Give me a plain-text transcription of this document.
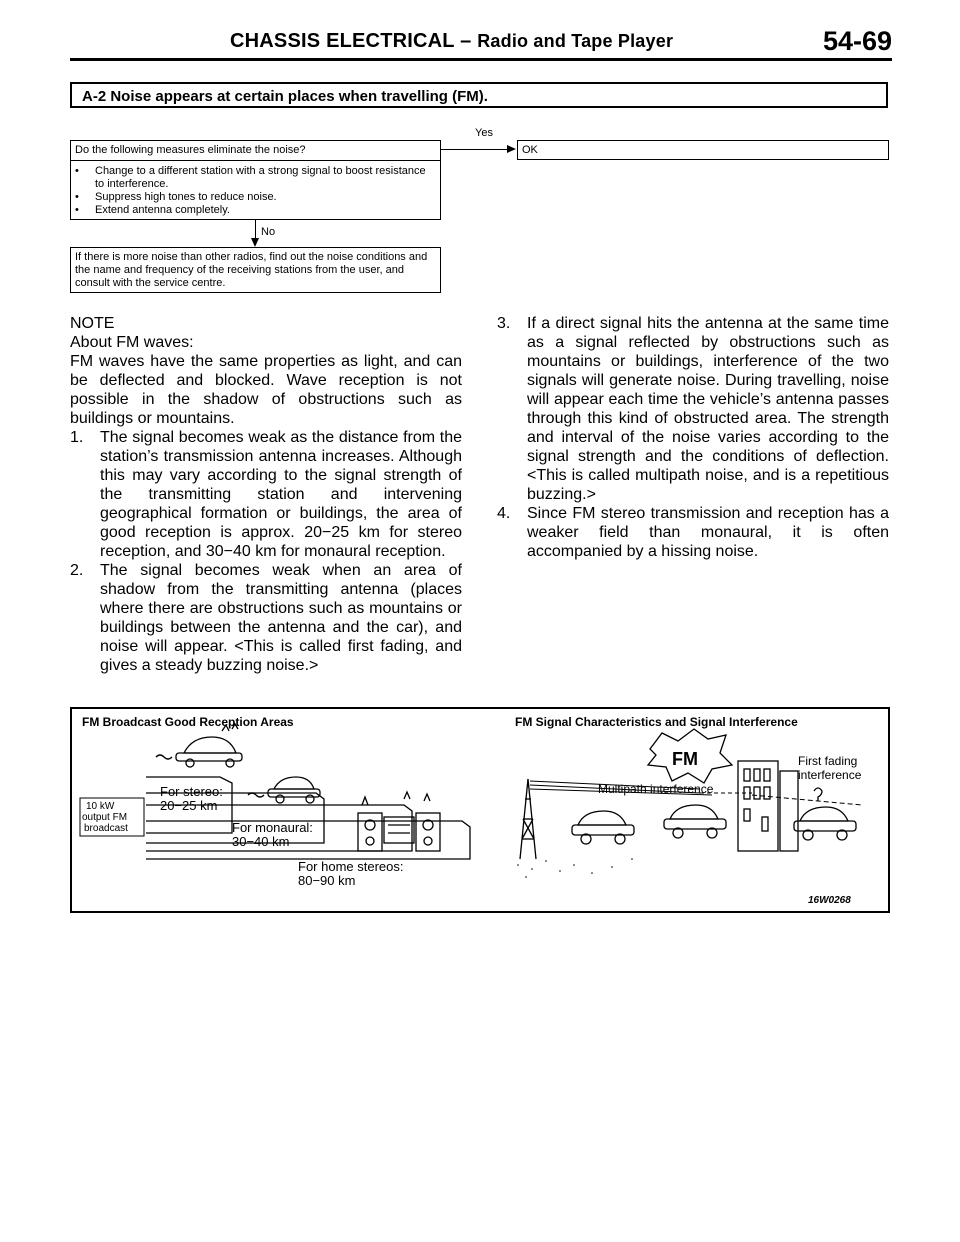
CHASSIS ELECTRICAL – Radio and Tape Player	54-69
A-2 Noise appears at certain places when travelling (FM).
Yes
Do the following measures eliminate the noise?
• Change to a different station with a strong signal to boost resistance to interference.
• Suppress high tones to reduce noise.
• Extend antenna completely.
OK
No
If there is more noise than other radios, find out the noise conditions and the name and frequency of the receiving stations from the user, and consult with the service centre.

NOTE

About FM waves:

FM waves have the same properties as light, and can be deflected and blocked. Wave reception is not possible in the shadow of obstructions such as buildings or mountains.

1. The signal becomes weak as the distance from the station’s transmission antenna increases. Although this may vary according to the signal strength of the transmitting station and intervening geographical formation or buildings, the area of good reception is approx. 20−25 km for stereo reception, and 30−40 km for monaural reception.
2. The signal becomes weak when an area of shadow from the transmitting antenna (places where there are obstructions such as mountains or buildings between the antenna and the car), and noise will appear. <This is called first fading, and gives a steady buzzing noise.>
3. If a direct signal hits the antenna at the same time as a signal reflected by obstructions such as mountains or buildings, interference of the two signals will generate noise. During travelling, noise will appear each time the vehicle’s antenna passes through this kind of obstructed area. The strength and interval of the noise varies according to the signal strength and the conditions of deflection. <This is called multipath noise, and is a repetitious buzzing.>
4. Since FM stereo transmission and reception has a weaker field than monaural, it is often accompanied by a hissing noise.
FM Broadcast Good Reception Areas	FM Signal Characteristics and Signal Interference
10 kW
output FM
broadcast
For stereo:
20−25 km
For monaural:
30−40 km
For home stereos:
80−90 km
FM
Multipath interference
First fading
interference
16W0268
